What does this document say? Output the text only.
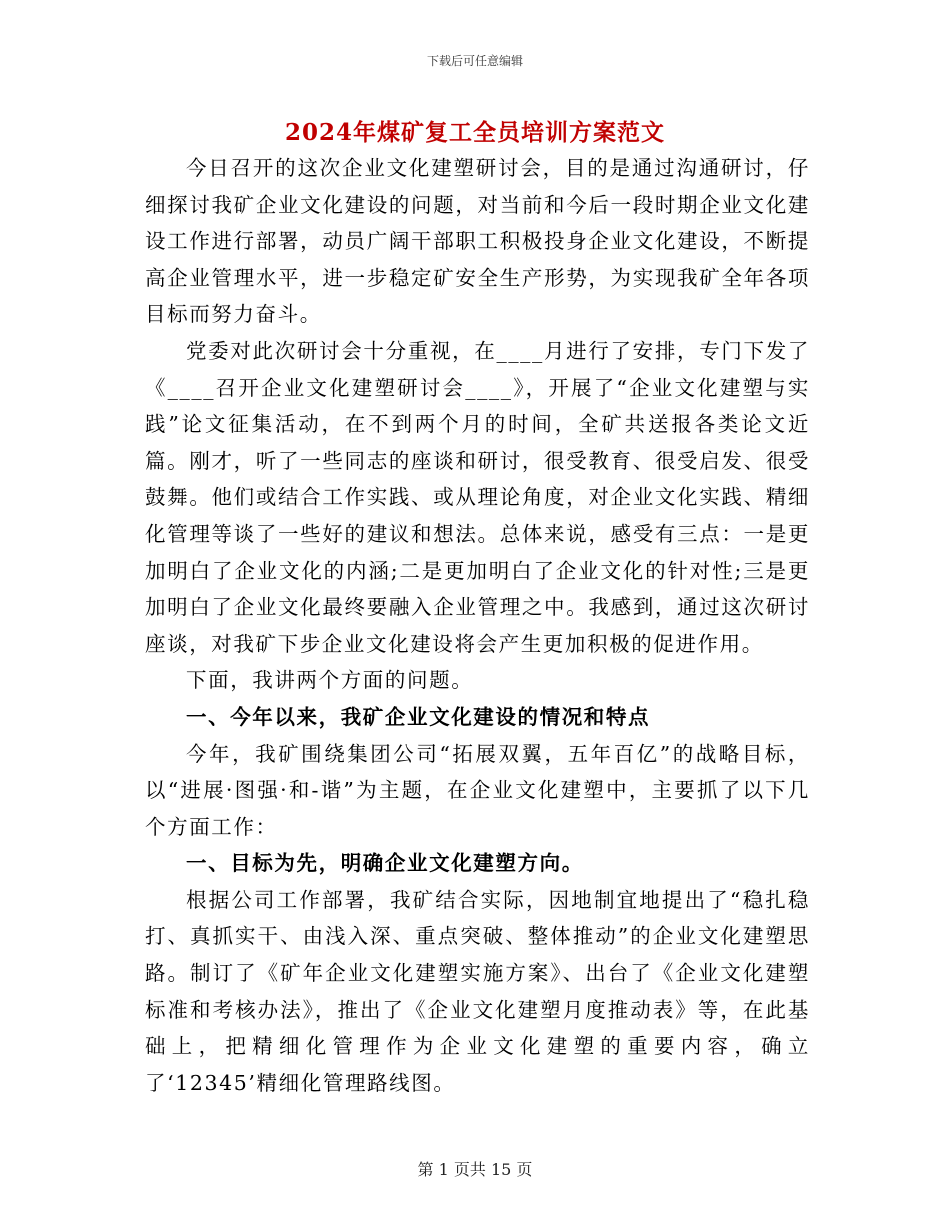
下载后可任意编辑
2024年煤矿复工全员培训方案范文

今日召开的这次企业文化建塑研讨会，目的是通过沟通研讨，仔细探讨我矿企业文化建设的问题，对当前和今后一段时期企业文化建设工作进行部署，动员广阔干部职工积极投身企业文化建设，不断提高企业管理水平，进一步稳定矿安全生产形势，为实现我矿全年各项目标而努力奋斗。

党委对此次研讨会十分重视，在____月进行了安排，专门下发了《____召开企业文化建塑研讨会____》，开展了“企业文化建塑与实践”论文征集活动，在不到两个月的时间，全矿共送报各类论文近篇。刚才，听了一些同志的座谈和研讨，很受教育、很受启发、很受鼓舞。他们或结合工作实践、或从理论角度，对企业文化实践、精细化管理等谈了一些好的建议和想法。总体来说，感受有三点：一是更加明白了企业文化的内涵;二是更加明白了企业文化的针对性;三是更加明白了企业文化最终要融入企业管理之中。我感到，通过这次研讨座谈，对我矿下步企业文化建设将会产生更加积极的促进作用。

下面，我讲两个方面的问题。

一、今年以来，我矿企业文化建设的情况和特点

今年，我矿围绕集团公司“拓展双翼，五年百亿”的战略目标，以“进展·图强·和-谐”为主题，在企业文化建塑中，主要抓了以下几个方面工作：

一、目标为先，明确企业文化建塑方向。

根据公司工作部署，我矿结合实际，因地制宜地提出了“稳扎稳打、真抓实干、由浅入深、重点突破、整体推动”的企业文化建塑思路。制订了《矿年企业文化建塑实施方案》、出台了《企业文化建塑标准和考核办法》，推出了《企业文化建塑月度推动表》等，在此基础上，把精细化管理作为企业文化建塑的重要内容，确立了‘12345’精细化管理路线图。

第 1 页共 15 页
